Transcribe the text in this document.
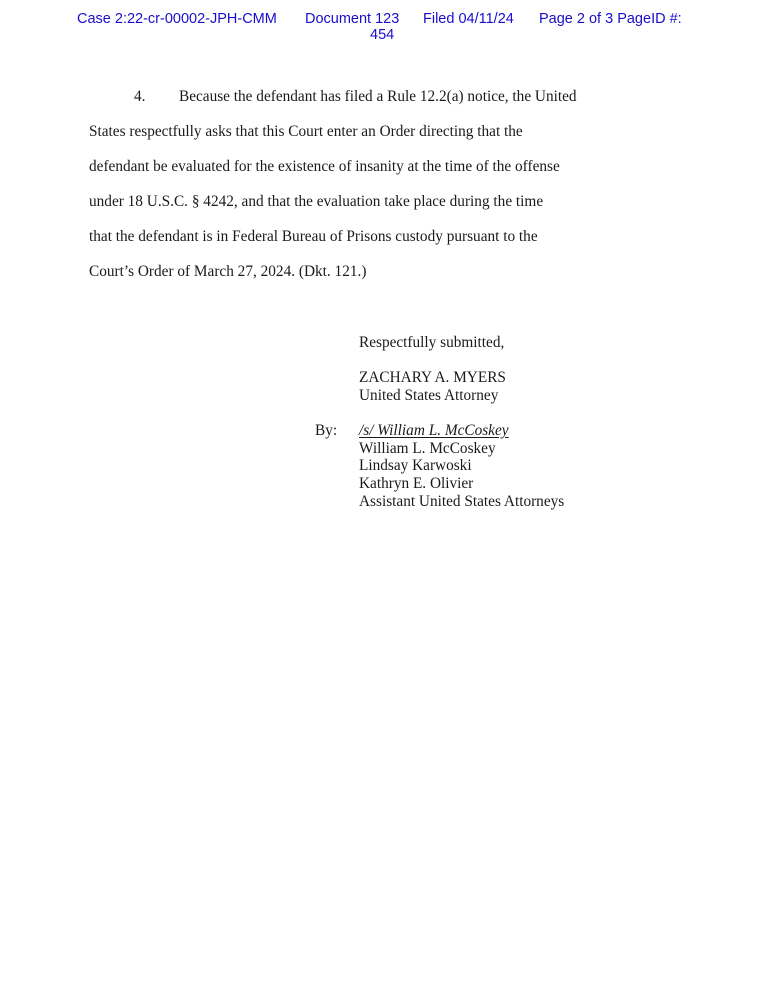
Case 2:22-cr-00002-JPH-CMM Document 123 Filed 04/11/24 Page 2 of 3 PageID #:
454
4. Because the defendant has filed a Rule 12.2(a) notice, the United
States respectfully asks that this Court enter an Order directing that the
defendant be evaluated for the existence of insanity at the time of the offense
under 18 U.S.C. § 4242, and that the evaluation take place during the time
that the defendant is in Federal Bureau of Prisons custody pursuant to the
Court’s Order of March 27, 2024. (Dkt. 121.)
Respectfully submitted,
ZACHARY A. MYERS
United States Attorney
By: /s/ William L. McCoskey
William L. McCoskey
Lindsay Karwoski
Kathryn E. Olivier
Assistant United States Attorneys
